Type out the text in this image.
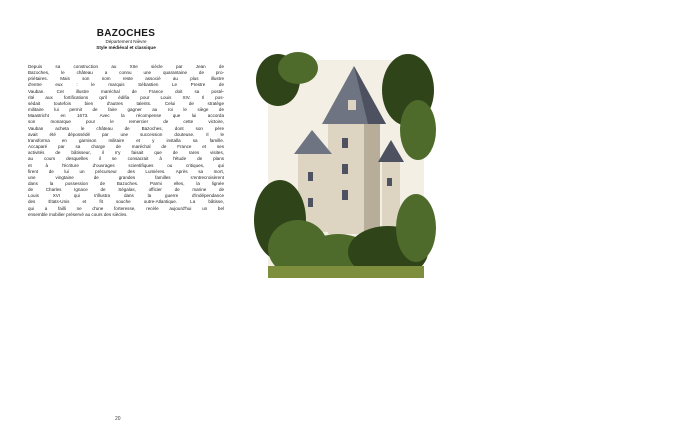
BAZOCHES
Département Nièvre
Style médiéval et classique
Depuis sa construction au XIIe siècle par Jean de
Bazoches, le château a connu une quarantaine de pro-
priétaires. Mais son nom reste associé au plus illustre
d'entre eux : le marquis Sébastien Le Prestre de
Vauban. Cet illustre maréchal de France doit sa posté-
rité aux fortifications qu'il édifia pour Louis XIV. Il pos-
sédait toutefois bien d'autres talents. Celui de stratège
militaire lui permit de faire gagner au roi le siège de
Maastricht en 1673. Avec la récompense que lui accorda
son monarque pour le remercier de cette victoire,
Vauban acheta le château de Bazoches, dont son père
avait été dépossédé par une succession douteuse. Il le
transforma en garnison militaire et y installa sa famille.
Accaparé par sa charge de maréchal de France et ses
activités de bâtisseur, il n'y faisait que de rares visites,
au cours desquelles il se consacrait à l'étude de plans
et à l'écriture d'ouvrages scientifiques ou critiques, qui
firent de lui un précurseur des Lumières. Après sa mort,
une vingtaine de grandes familles s'entrecroisèrent
dans la possession de Bazoches. Parmi elles, la lignée
de Charles Ignace de Ségalas, officier de marine de
Louis XVI qui s'illustra dans la guerre d'indépendance
des États-Unis et fit souche outre-Atlantique. La bâtisse,
qui a failli ne d'une forteresse, recèle aujourd'hui un bel
ensemble mobilier préservé au cours des siècles.
20
CHÂTEAU DE BAZOCHES (Nièvre)
